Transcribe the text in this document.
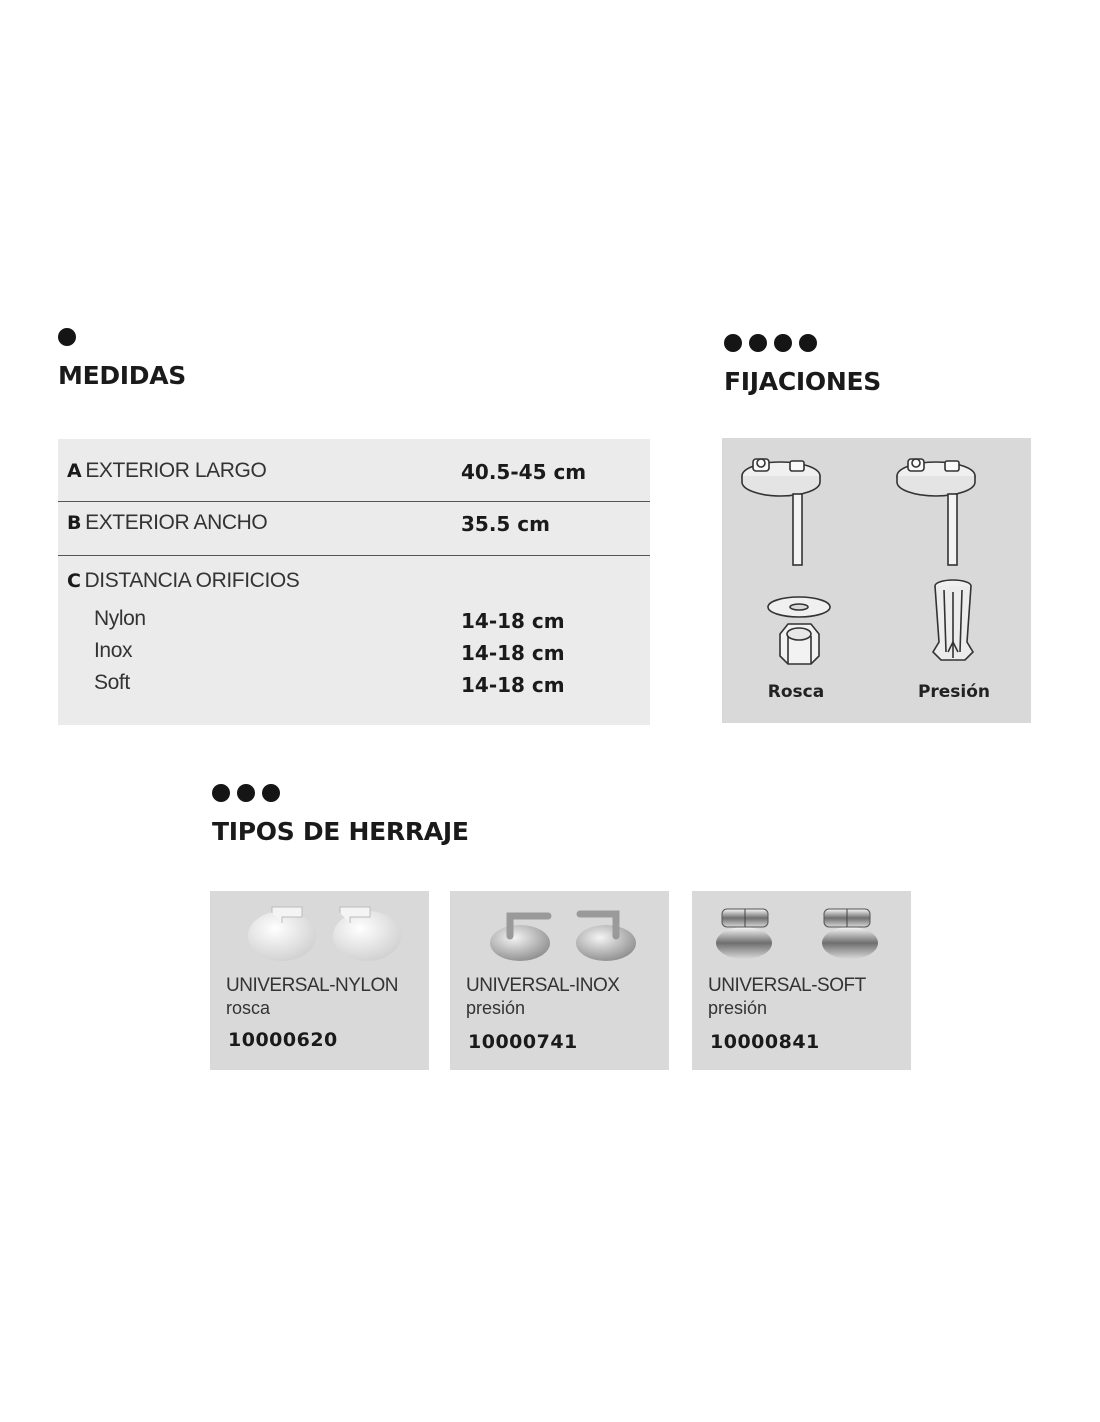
MEDIDAS
A EXTERIOR LARGO	40.5-45 cm
B EXTERIOR ANCHO	35.5 cm
C DISTANCIA ORIFICIOS
Nylon	14-18 cm
Inox	14-18 cm
Soft	14-18 cm
FIJACIONES
Rosca	Presión
TIPOS DE HERRAJE
UNIVERSAL-NYLON
rosca
10000620
UNIVERSAL-INOX
presión
10000741
UNIVERSAL-SOFT
presión
10000841
